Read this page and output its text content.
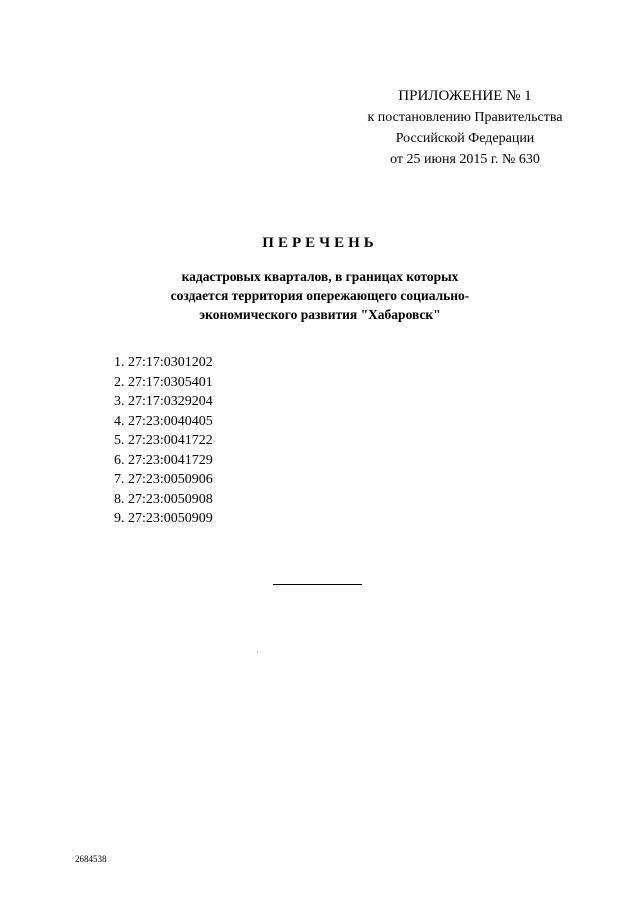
ПРИЛОЖЕНИЕ № 1
к постановлению Правительства
Российской Федерации
от 25 июня 2015 г. № 630
ПЕРЕЧЕНЬ
кадастровых кварталов, в границах которых
создается территория опережающего социально-
экономического развития "Хабаровск"
1. 27:17:0301202
2. 27:17:0305401
3. 27:17:0329204
4. 27:23:0040405
5. 27:23:0041722
6. 27:23:0041729
7. 27:23:0050906
8. 27:23:0050908
9. 27:23:0050909
2684538
